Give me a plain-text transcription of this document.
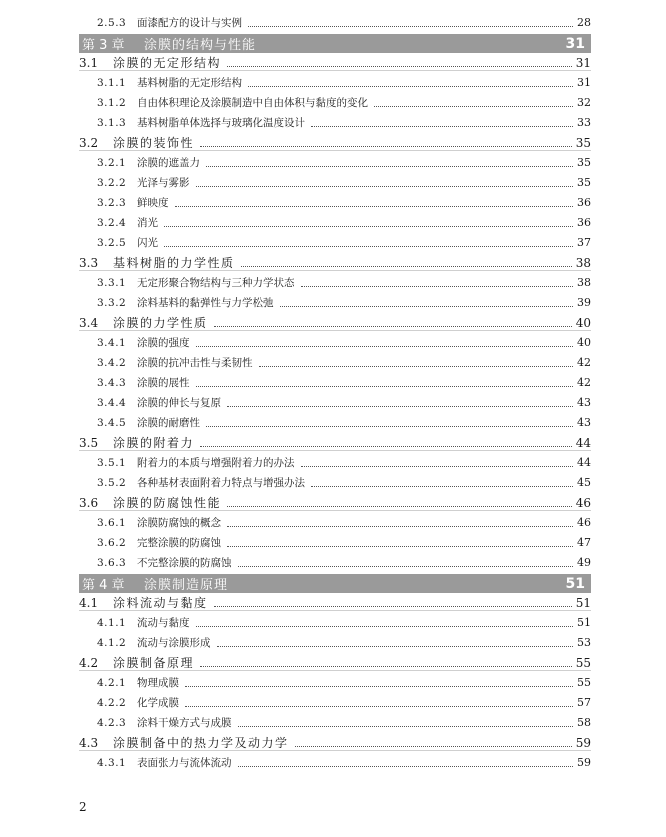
2.5.3	面漆配方的设计与实例	28
第 3 章	涂膜的结构与性能	31
3.1	涂膜的无定形结构	31
3.1.1	基料树脂的无定形结构	31
3.1.2	自由体积理论及涂膜制造中自由体积与黏度的变化	32
3.1.3	基料树脂单体选择与玻璃化温度设计	33
3.2	涂膜的装饰性	35
3.2.1	涂膜的遮盖力	35
3.2.2	光泽与雾影	35
3.2.3	鲜映度	36
3.2.4	消光	36
3.2.5	闪光	37
3.3	基料树脂的力学性质	38
3.3.1	无定形聚合物结构与三种力学状态	38
3.3.2	涂料基料的黏弹性与力学松弛	39
3.4	涂膜的力学性质	40
3.4.1	涂膜的强度	40
3.4.2	涂膜的抗冲击性与柔韧性	42
3.4.3	涂膜的展性	42
3.4.4	涂膜的伸长与复原	43
3.4.5	涂膜的耐磨性	43
3.5	涂膜的附着力	44
3.5.1	附着力的本质与增强附着力的办法	44
3.5.2	各种基材表面附着力特点与增强办法	45
3.6	涂膜的防腐蚀性能	46
3.6.1	涂膜防腐蚀的概念	46
3.6.2	完整涂膜的防腐蚀	47
3.6.3	不完整涂膜的防腐蚀	49
第 4 章	涂膜制造原理	51
4.1	涂料流动与黏度	51
4.1.1	流动与黏度	51
4.1.2	流动与涂膜形成	53
4.2	涂膜制备原理	55
4.2.1	物理成膜	55
4.2.2	化学成膜	57
4.2.3	涂料干燥方式与成膜	58
4.3	涂膜制备中的热力学及动力学	59
4.3.1	表面张力与流体流动	59
2
